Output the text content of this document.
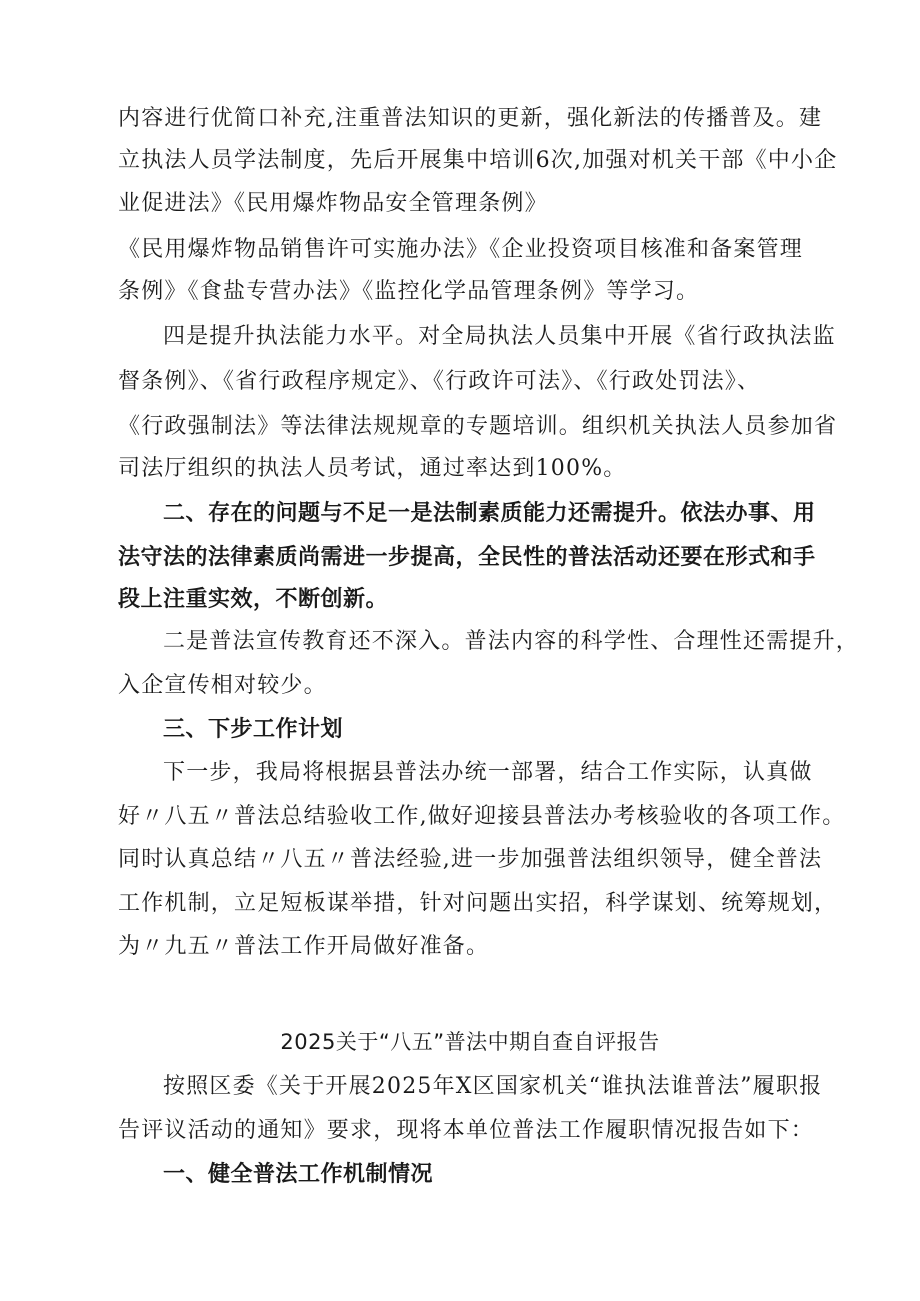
内容进行优简口补充,注重普法知识的更新，强化新法的传播普及。建
立执法人员学法制度，先后开展集中培训6次,加强对机关干部《中小企
业促进法》《民用爆炸物品安全管理条例》
《民用爆炸物品销售许可实施办法》《企业投资项目核准和备案管理
条例》《食盐专营办法》《监控化学品管理条例》等学习。
四是提升执法能力水平。对全局执法人员集中开展《省行政执法监
督条例》、《省行政程序规定》、《行政许可法》、《行政处罚法》、
《行政强制法》等法律法规规章的专题培训。组织机关执法人员参加省
司法厅组织的执法人员考试，通过率达到100%。
二、存在的问题与不足一是法制素质能力还需提升。依法办事、用
法守法的法律素质尚需进一步提高，全民性的普法活动还要在形式和手
段上注重实效，不断创新。
二是普法宣传教育还不深入。普法内容的科学性、合理性还需提升，
入企宣传相对较少。
三、下步工作计划
下一步，我局将根据县普法办统一部署，结合工作实际，认真做
好〃八五〃普法总结验收工作,做好迎接县普法办考核验收的各项工作。
同时认真总结〃八五〃普法经验,进一步加强普法组织领导，健全普法
工作机制，立足短板谋举措，针对问题出实招，科学谋划、统筹规划，
为〃九五〃普法工作开局做好准备。
2025关于“八五”普法中期自查自评报告
按照区委《关于开展2025年X区国家机关“谁执法谁普法”履职报
告评议活动的通知》要求，现将本单位普法工作履职情况报告如下：
一、健全普法工作机制情况
